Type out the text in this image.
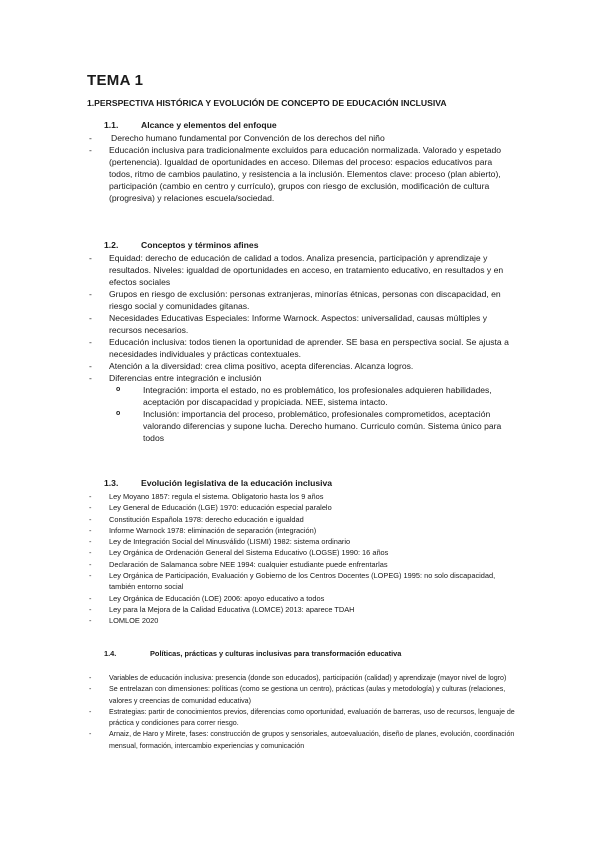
TEMA 1
1.PERSPECTIVA HISTÓRICA Y EVOLUCIÓN DE CONCEPTO DE EDUCACIÓN INCLUSIVA
1.1.	Alcance y elementos del enfoque
- Derecho humano fundamental por Convención de los derechos del niño
- Educación inclusiva para tradicionalmente excluidos para educación normalizada. Valorado y espetado (pertenencia). Igualdad de oportunidades en acceso. Dilemas del proceso: espacios educativos para todos, ritmo de cambios paulatino, y resistencia a la inclusión. Elementos clave: proceso (plan abierto), participación (cambio en centro y currículo), grupos con riesgo de exclusión, modificación de cultura (progresiva) y relaciones escuela/sociedad.
1.2.	Conceptos y términos afines
- Equidad: derecho de educación de calidad a todos. Analiza presencia, participación y aprendizaje y resultados. Niveles: igualdad de oportunidades en acceso, en tratamiento educativo, en resultados y en efectos sociales
- Grupos en riesgo de exclusión: personas extranjeras, minorías étnicas, personas con discapacidad, en riesgo social y comunidades gitanas.
- Necesidades Educativas Especiales: Informe Warnock. Aspectos: universalidad, causas múltiples y recursos necesarios.
- Educación inclusiva: todos tienen la oportunidad de aprender. SE basa en perspectiva social. Se ajusta a necesidades individuales y prácticas contextuales.
- Atención a la diversidad: crea clima positivo, acepta diferencias. Alcanza logros.
- Diferencias entre integración e inclusión
o Integración: importa el estado, no es problemático, los profesionales adquieren habilidades, aceptación por discapacidad y propiciada. NEE, sistema intacto.
o Inclusión: importancia del proceso, problemático, profesionales comprometidos, aceptación valorando diferencias y supone lucha. Derecho humano. Curriculo común. Sistema único para todos
1.3.	Evolución legislativa de la educación inclusiva
- Ley Moyano 1857: regula el sistema. Obligatorio hasta los 9 años
- Ley General de Educación (LGE) 1970: educación especial paralelo
- Constitución Española 1978: derecho educación e igualdad
- Informe Warnock 1978: eliminación de separación (integración)
- Ley de Integración Social del Minusválido (LISMI) 1982: sistema ordinario
- Ley Orgánica de Ordenación General del Sistema Educativo (LOGSE) 1990: 16 años
- Declaración de Salamanca sobre NEE 1994: cualquier estudiante puede enfrentarlas
- Ley Orgánica de Participación, Evaluación y Gobierno de los Centros Docentes (LOPEG) 1995: no solo discapacidad, también entorno social
- Ley Orgánica de Educación (LOE) 2006: apoyo educativo a todos
- Ley para la Mejora de la Calidad Educativa (LOMCE) 2013: aparece TDAH
- LOMLOE 2020
1.4.	Políticas, prácticas y culturas inclusivas para transformación educativa
- Variables de educación inclusiva: presencia (donde son educados), participación (calidad) y aprendizaje (mayor nivel de logro)
- Se entrelazan con dimensiones: políticas (como se gestiona un centro), prácticas (aulas y metodología) y culturas (relaciones, valores y creencias de comunidad educativa)
- Estrategias: partir de conocimientos previos, diferencias como oportunidad, evaluación de barreras, uso de recursos, lenguaje de práctica y condiciones para correr riesgo.
- Arnaiz, de Haro y Mirete, fases: construcción de grupos y sensoriales, autoevaluación, diseño de planes, evolución, coordinación mensual, formación, intercambio experiencias y comunicación
